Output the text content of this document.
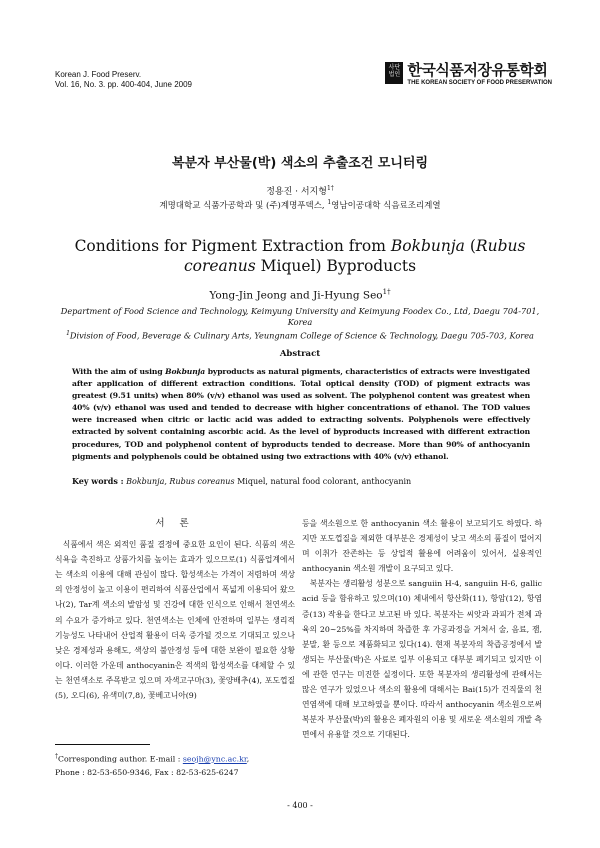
Korean J. Food Preserv.
Vol. 16, No. 3. pp. 400-404, June 2009
사단
법인 한국식품저장유통학회
THE KOREAN SOCIETY OF FOOD PRESERVATION
복분자 부산물(박) 색소의 추출조건 모니터링
정용진 · 서지형$^{1\dagger}$
계명대학교 식품가공학과 및 (주)계명푸덱스, $^1$영남이공대학 식음료조리계열
Conditions for Pigment Extraction from Bokbunja (Rubus coreanus Miquel) Byproducts
Yong-Jin Jeong and Ji-Hyung Seo$^{1\dagger}$
Department of Food Science and Technology, Keimyung University and Keimyung Foodex Co., Ltd, Daegu 704-701, Korea
$^1$Division of Food, Beverage & Culinary Arts, Yeungnam College of Science & Technology, Daegu 705-703, Korea
Abstract
With the aim of using Bokbunja byproducts as natural pigments, characteristics of extracts were investigated after application of different extraction conditions. Total optical density (TOD) of pigment extracts was greatest (9.51 units) when 80% (v/v) ethanol was used as solvent. The polyphenol content was greatest when 40% (v/v) ethanol was used and tended to decrease with higher concentrations of ethanol. The TOD values were increased when citric or lactic acid was added to extracting solvents. Polyphenols were effectively extracted by solvent containing ascorbic acid. As the level of byproducts increased with different extraction procedures, TOD and polyphenol content of byproducts tended to decrease. More than 90% of anthocyanin pigments and polyphenols could be obtained using two extractions with 40% (v/v) ethanol.
Key words : Bokbunja, Rubus coreanus Miquel, natural food colorant, anthocyanin
서 론

식품에서 색은 외적인 품질 결정에 중요한 요인이 된다. 식품의 색은 식욕을 촉진하고 상품가치를 높이는 효과가 있으므로(1) 식품업계에서는 색소의 이용에 대해 관심이 많다. 합성색소는 가격이 저렴하며 색상의 안정성이 높고 이용이 편리하여 식품산업에서 폭넓게 이용되어 왔으나(2), Tar계 색소의 발암성 및 건강에 대한 인식으로 인해서 천연색소의 수요가 증가하고 있다. 천연색소는 인체에 안전하며 일부는 생리적 기능성도 나타내어 산업적 활용이 더욱 증가될 것으로 기대되고 있으나 낮은 경제성과 용해도, 색상의 불안정성 등에 대한 보완이 필요한 상황이다. 이러한 가운데 anthocyanin은 적색의 합성색소를 대체할 수 있는 천연색소로 주목받고 있으며 자색고구마(3), 꽃양배추(4), 포도껍질(5), 오디(6), 유색미(7,8), 꽃베고니아(9)

등을 색소원으로 한 anthocyanin 색소 활용이 보고되기도 하였다. 하지만 포도껍질을 제외한 대부분은 경제성이 낮고 색소의 품질이 떨어지며 이취가 잔존하는 등 상업적 활용에 어려움이 있어서, 실용적인 anthocyanin 색소원 개발이 요구되고 있다.

복분자는 생리활성 성분으로 sanguiin H-4, sanguiin H-6, gallic acid 등을 함유하고 있으며(10) 체내에서 항산화(11), 항암(12), 항염증(13) 작용을 한다고 보고된 바 있다. 복분자는 씨앗과 과피가 전체 과육의 20~25%를 차지하며 착즙한 후 가공과정을 거쳐서 술, 음료, 잼, 분말, 환 등으로 제품화되고 있다(14). 현재 복분자의 착즙공정에서 발생되는 부산물(박)은 사료로 일부 이용되고 대부분 폐기되고 있지만 이에 관한 연구는 미진한 실정이다. 또한 복분자의 생리활성에 관해서는 많은 연구가 있었으나 색소의 활용에 대해서는 Bai(15)가 건직물의 천연염색에 대해 보고하였을 뿐이다. 따라서 anthocyanin 색소원으로써 복분자 부산물(박)의 활용은 폐자원의 이용 및 새로운 색소원의 개발 측면에서 유용할 것으로 기대된다.

†Corresponding author. E-mail : seojh@ync.ac.kr,
Phone : 82-53-650-9346, Fax : 82-53-625-6247
- 400 -
